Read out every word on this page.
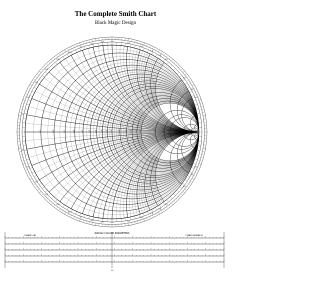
The Complete Smith Chart
Black Magic Design
0.1	0.2	0.3	0.4	0.5	0.6	0.7	0.8	0.9	1.0	1.2	1.4	1.6	1.8	2.0	3.0	4.0	5.0
0.1
0.1
0.2
0.2
0.3
0.3
0.4
0.4
0.5
0.5
0.6
0.6
0.7
0.7
0.8
0.8
0.9
0.9
1.0
1.0
1.2
1.2
1.4
1.4
1.6
1.6
1.8
1.8
2.0
2.0
3.0
3.0
4.0
4.0
5.0
5.0
RADIALLY SCALED PARAMETERS
TOWARD LOAD	TOWARD GENERATOR
1.0
